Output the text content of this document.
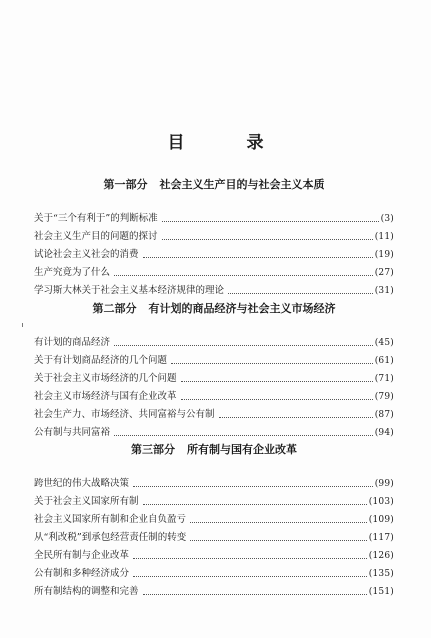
目 录
第一部分 社会主义生产目的与社会主义本质
关于“三个有利于”的判断标准	(3)
社会主义生产目的问题的探讨	(11)
试论社会主义社会的消费	(19)
生产究竟为了什么	(27)
学习斯大林关于社会主义基本经济规律的理论	(31)
第二部分 有计划的商品经济与社会主义市场经济
有计划的商品经济	(45)
关于有计划商品经济的几个问题	(61)
关于社会主义市场经济的几个问题	(71)
社会主义市场经济与国有企业改革	(79)
社会生产力、市场经济、共同富裕与公有制	(87)
公有制与共同富裕	(94)
第三部分 所有制与国有企业改革
跨世纪的伟大战略决策	(99)
关于社会主义国家所有制	(103)
社会主义国家所有制和企业自负盈亏	(109)
从“利改税”到承包经营责任制的转变	(117)
全民所有制与企业改革	(126)
公有制和多种经济成分	(135)
所有制结构的调整和完善	(151)
